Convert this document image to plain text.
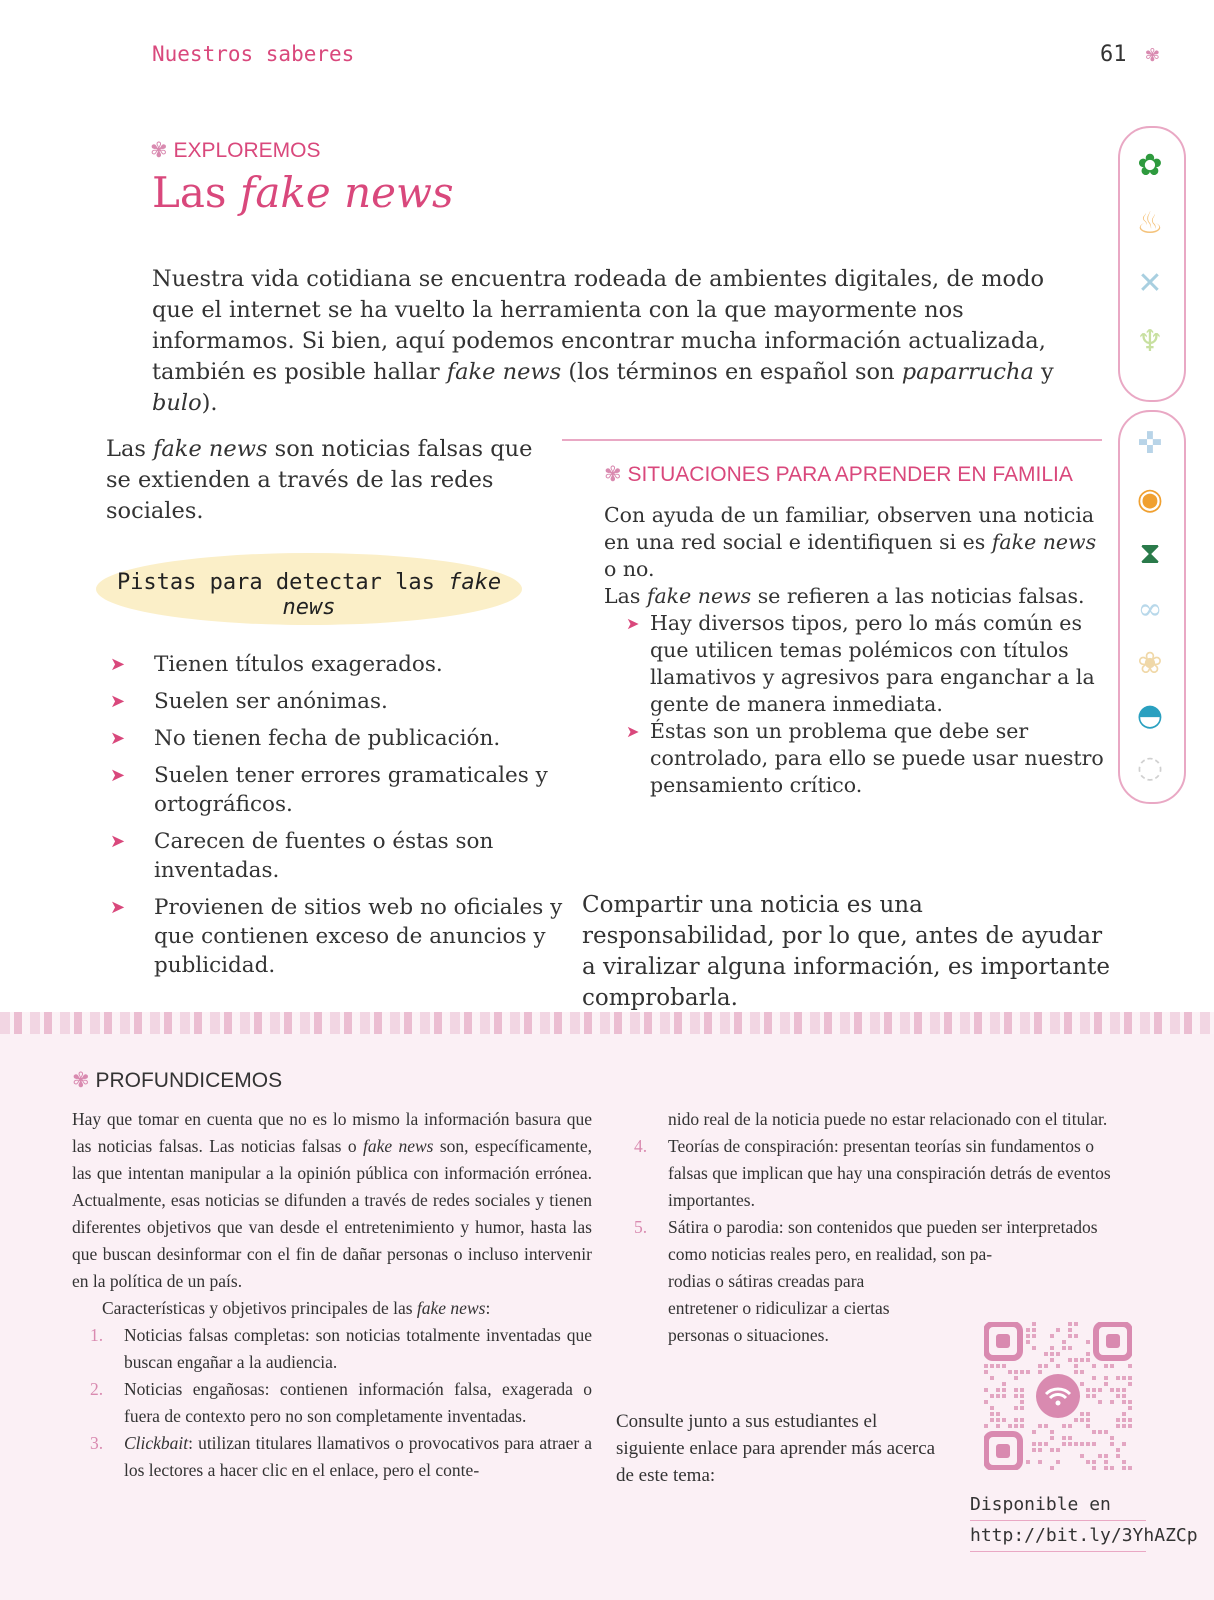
Nuestros saberes	61 ✾
✾ EXPLOREMOS
Las fake news
Nuestra vida cotidiana se encuentra rodeada de ambientes digitales, de modo que el internet se ha vuelto la herramienta con la que mayormente nos informamos. Si bien, aquí podemos encontrar mucha información actualizada, también es posible hallar fake news (los términos en español son paparrucha y bulo).
Las fake news son noticias falsas que se extienden a través de las redes sociales.
Pistas para detectar las fake news
➤ Tienen títulos exagerados.
➤ Suelen ser anónimas.
➤ No tienen fecha de publicación.
➤ Suelen tener errores gramaticales y ortográficos.
➤ Carecen de fuentes o éstas son inventadas.
➤ Provienen de sitios web no oficiales y que contienen exceso de anuncios y publicidad.
✾ SITUACIONES PARA APRENDER EN FAMILIA
Con ayuda de un familiar, observen una noticia en una red social e identifiquen si es fake news o no.
Las fake news se refieren a las noticias falsas.
➤ Hay diversos tipos, pero lo más común es que utilicen temas polémicos con títulos llamativos y agresivos para enganchar a la gente de manera inmediata.
➤ Éstas son un problema que debe ser controlado, para ello se puede usar nuestro pensamiento crítico.
Compartir una noticia es una responsabilidad, por lo que, antes de ayudar a viralizar alguna información, es importante comprobarla.
✿
♨
✕
♆
✜
◉
⧗
∞
❀
◓
◌
✾ PROFUNDICEMOS

Hay que tomar en cuenta que no es lo mismo la información basura que las noticias falsas. Las noticias falsas o fake news son, específicamente, las que intentan manipular a la opinión pública con información errónea. Actualmente, esas noticias se difunden a través de redes sociales y tienen diferentes objetivos que van desde el entretenimiento y humor, hasta las que buscan desinformar con el fin de dañar personas o incluso intervenir en la política de un país.

Características y objetivos principales de las fake news:

1. Noticias falsas completas: son noticias totalmente inventadas que buscan engañar a la audiencia.
2. Noticias engañosas: contienen información falsa, exagerada o fuera de contexto pero no son completamente inventadas.
3. Clickbait: utilizan titulares llamativos o provocativos para atraer a los lectores a hacer clic en el enlace, pero el conte-
nido real de la noticia puede no estar relacionado con el titular.
4. Teorías de conspiración: presentan teorías sin fundamentos o falsas que implican que hay una conspiración detrás de eventos importantes.
5. Sátira o parodia: son contenidos que pueden ser interpretados como noticias reales pero, en realidad, son pa-
rodias o sátiras creadas para entretener o ridiculizar a ciertas personas o situaciones.
Consulte junto a sus estudiantes el siguiente enlace para aprender más acerca de este tema:
Disponible en
http://bit.ly/3YhAZCp
